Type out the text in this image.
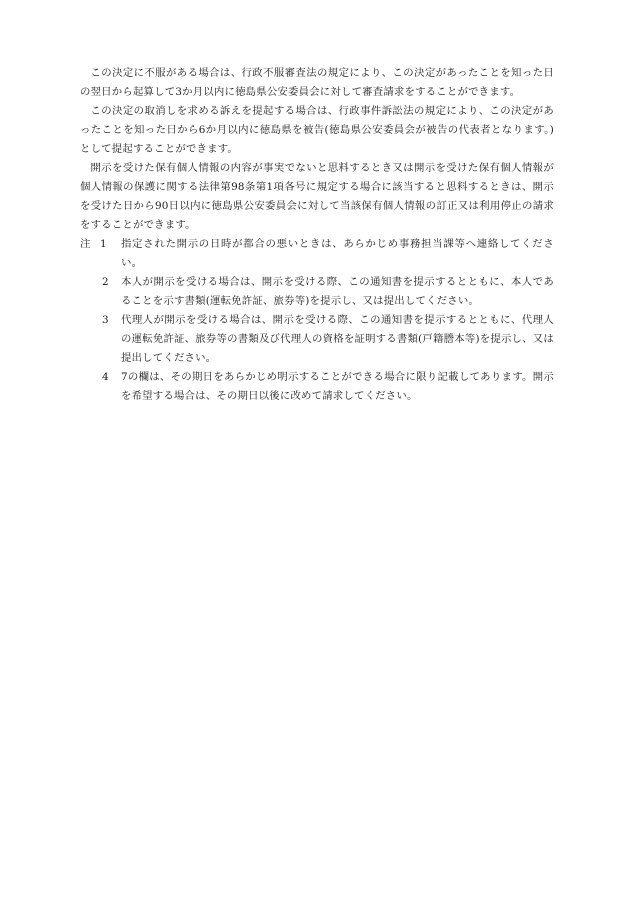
この決定に不服がある場合は、行政不服審査法の規定により、この決定があったことを知った日の翌日から起算して3か月以内に徳島県公安委員会に対して審査請求をすることができます。

この決定の取消しを求める訴えを提起する場合は、行政事件訴訟法の規定により、この決定があったことを知った日から6か月以内に徳島県を被告(徳島県公安委員会が被告の代表者となります。)として提起することができます。

開示を受けた保有個人情報の内容が事実でないと思料するとき又は開示を受けた保有個人情報が個人情報の保護に関する法律第98条第1項各号に規定する場合に該当すると思料するときは、開示を受けた日から90日以内に徳島県公安委員会に対して当該保有個人情報の訂正又は利用停止の請求をすることができます。

注 1	指定された開示の日時が都合の悪いときは、あらかじめ事務担当課等へ連絡してください。
2	本人が開示を受ける場合は、開示を受ける際、この通知書を提示するとともに、本人であることを示す書類(運転免許証、旅券等)を提示し、又は提出してください。
3	代理人が開示を受ける場合は、開示を受ける際、この通知書を提示するとともに、代理人の運転免許証、旅券等の書類及び代理人の資格を証明する書類(戸籍謄本等)を提示し、又は提出してください。
4	7の欄は、その期日をあらかじめ明示することができる場合に限り記載してあります。開示を希望する場合は、その期日以後に改めて請求してください。
